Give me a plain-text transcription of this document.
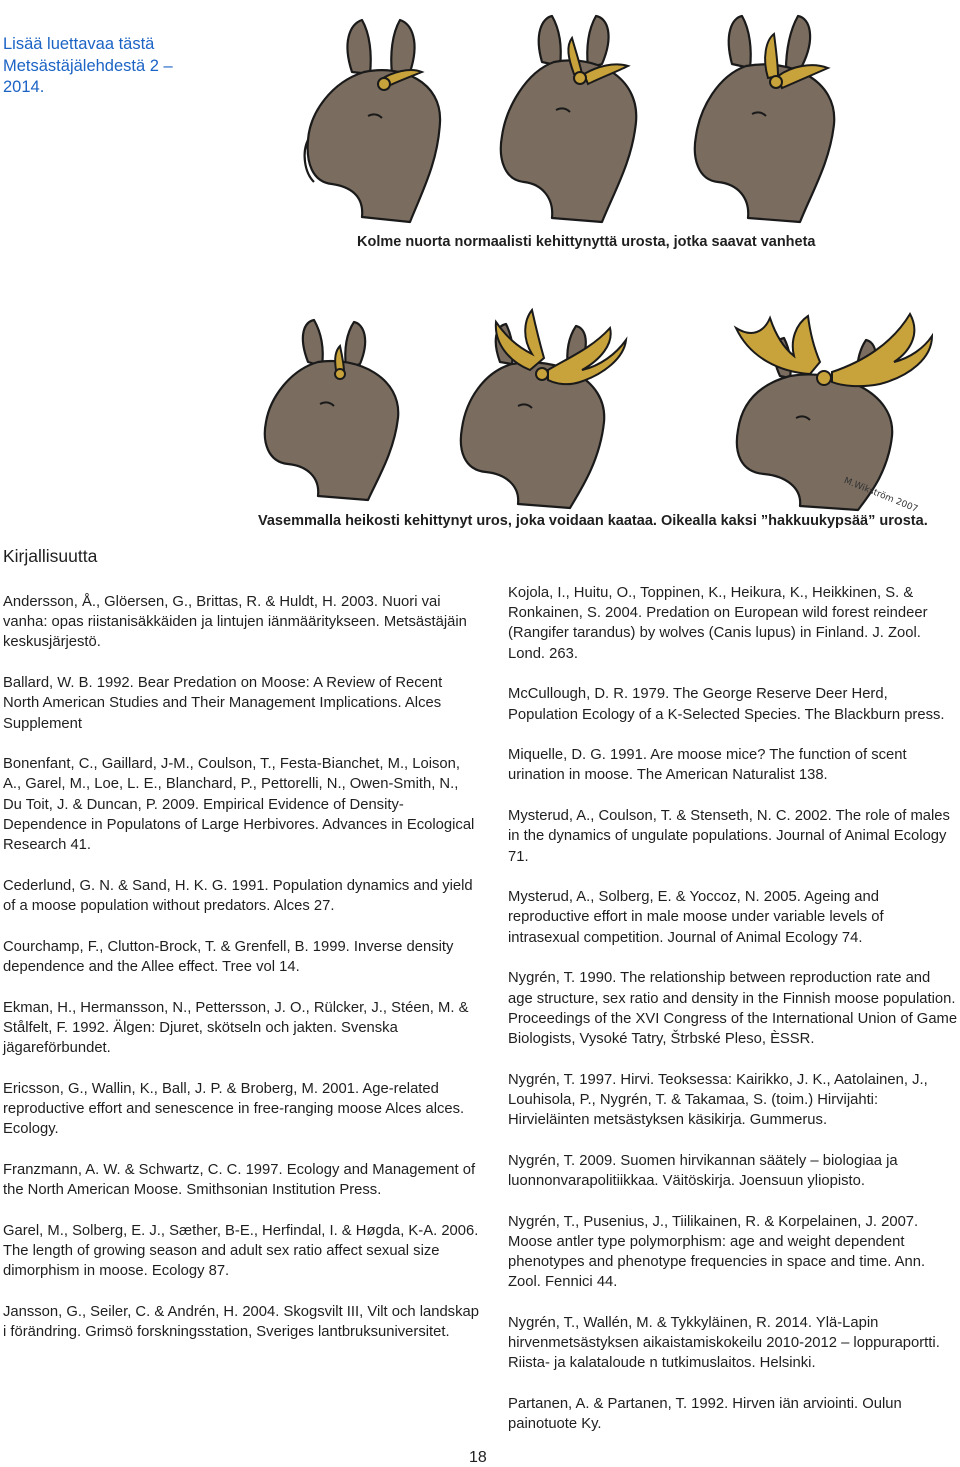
Lisää luettavaa tästä Metsästäjälehdestä 2 – 2014.
Kolme nuorta normaalisti kehittynyttä urosta, jotka saavat vanheta
M.Wikström 2007
Vasemmalla heikosti kehittynyt uros, joka voidaan kaataa. Oikealla kaksi ”hakkuukypsää” urosta.
Kirjallisuutta
Andersson, Å., Glöersen, G., Brittas, R. & Huldt, H. 2003. Nuori vai vanha: opas riistanisäkkäiden ja lintujen iänmääritykseen. Metsästäjäin keskusjärjestö.
Ballard, W. B. 1992. Bear Predation on Moose: A Review of Recent North American Studies and Their Management Implications. Alces Supplement
Bonenfant, C., Gaillard, J-M., Coulson, T., Festa-Bianchet, M., Loison, A., Garel, M., Loe, L. E., Blanchard, P., Pettorelli, N., Owen-Smith, N., Du Toit, J. & Duncan, P. 2009. Empirical Evidence of Density-Dependence in Populatons of Large Herbivores. Advances in Ecological Research 41.
Cederlund, G. N. & Sand, H. K. G. 1991. Population dynamics and yield of a moose population without predators. Alces 27.
Courchamp, F., Clutton-Brock, T. & Grenfell, B. 1999. Inverse density dependence and the Allee effect. Tree vol 14.
Ekman, H., Hermansson, N., Pettersson, J. O., Rülcker, J., Stéen, M. & Stålfelt, F. 1992. Älgen: Djuret, skötseln och jakten. Svenska jägareförbundet.
Ericsson, G., Wallin, K., Ball, J. P. & Broberg, M. 2001. Age-related reproductive effort and senescence in free-ranging moose Alces alces. Ecology.
Franzmann, A. W. & Schwartz, C. C. 1997. Ecology and Management of the North American Moose. Smithsonian Institution Press.
Garel, M., Solberg, E. J., Sæther, B-E., Herfindal, I. & Høgda, K-A. 2006. The length of growing season and adult sex ratio affect sexual size dimorphism in moose. Ecology 87.
Jansson, G., Seiler, C. & Andrén, H. 2004. Skogsvilt III, Vilt och landskap i förändring. Grimsö forskningsstation, Sveriges lantbruksuniversitet.
Kojola, I., Huitu, O., Toppinen, K., Heikura, K., Heikkinen, S. & Ronkainen, S. 2004. Predation on European wild forest reindeer (Rangifer tarandus) by wolves (Canis lupus) in Finland. J. Zool. Lond. 263.
McCullough, D. R. 1979. The George Reserve Deer Herd, Population Ecology of a K-Selected Species. The Blackburn press.
Miquelle, D. G. 1991. Are moose mice? The function of scent urination in moose. The American Naturalist 138.
Mysterud, A., Coulson, T. & Stenseth, N. C. 2002. The role of males in the dynamics of ungulate populations. Journal of Animal Ecology 71.
Mysterud, A., Solberg, E. & Yoccoz, N. 2005. Ageing and reproductive effort in male moose under variable levels of intrasexual competition. Journal of Animal Ecology 74.
Nygrén, T. 1990. The relationship between reproduction rate and age structure, sex ratio and density in the Finnish moose population. Proceedings of the XVI Congress of the International Union of Game Biologists, Vysoké Tatry, Štrbské Pleso, ÈSSR.
Nygrén, T. 1997. Hirvi. Teoksessa: Kairikko, J. K., Aatolainen, J., Louhisola, P., Nygrén, T. & Takamaa, S. (toim.) Hirvijahti: Hirvieläinten metsästyksen käsikirja. Gummerus.
Nygrén, T. 2009. Suomen hirvikannan säätely – biologiaa ja luonnonvarapolitiikkaa. Väitöskirja. Joensuun yliopisto.
Nygrén, T., Pusenius, J., Tiilikainen, R. & Korpelainen, J. 2007. Moose antler type polymorphism: age and weight dependent phenotypes and phenotype frequencies in space and time. Ann. Zool. Fennici 44.
Nygrén, T., Wallén, M. & Tykkyläinen, R. 2014. Ylä-Lapin hirvenmetsästyksen aikaistamiskokeilu 2010-2012 – loppuraportti. Riista- ja kalataloude n tutkimuslaitos. Helsinki.
Partanen, A. & Partanen, T. 1992. Hirven iän arviointi. Oulun painotuote Ky.
18
